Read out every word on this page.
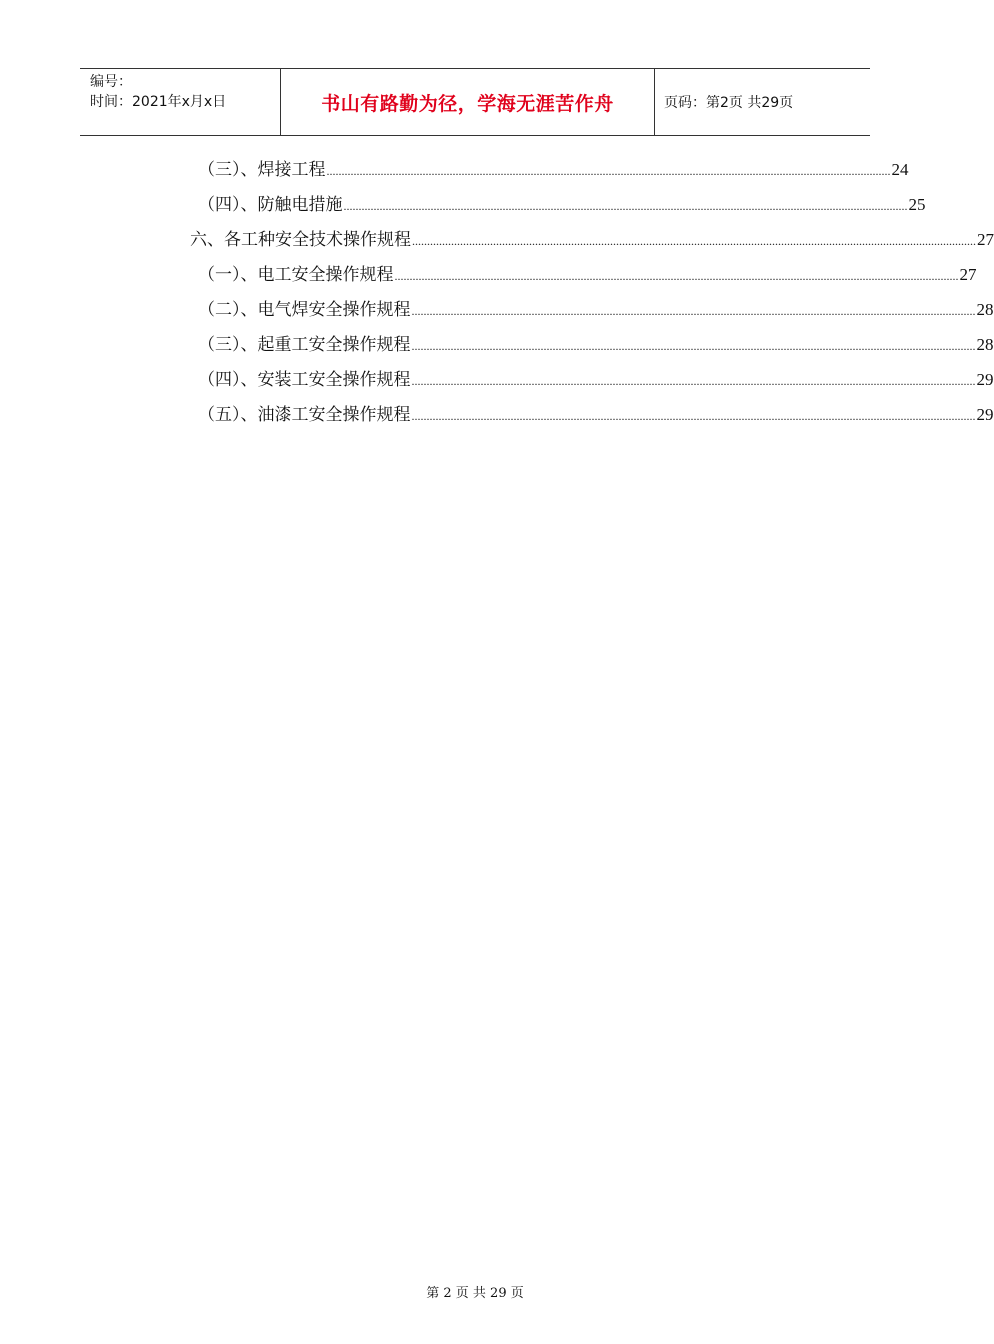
编号：
时间：2021年x月x日	书山有路勤为径，学海无涯苦作舟	页码：第2页 共29页
（三）、焊接工程 ............................................................................................................................................................................................ 24
（四）、防触电措施 ............................................................................................................................................................................................ 25
六、各工种安全技术操作规程 ............................................................................................................................................................................................ 27
（一）、电工安全操作规程 ............................................................................................................................................................................................ 27
（二）、电气焊安全操作规程 ............................................................................................................................................................................................ 28
（三）、起重工安全操作规程 ............................................................................................................................................................................................ 28
（四）、安装工安全操作规程 ............................................................................................................................................................................................ 29
（五）、油漆工安全操作规程 ............................................................................................................................................................................................ 29
第 2 页 共 29 页
